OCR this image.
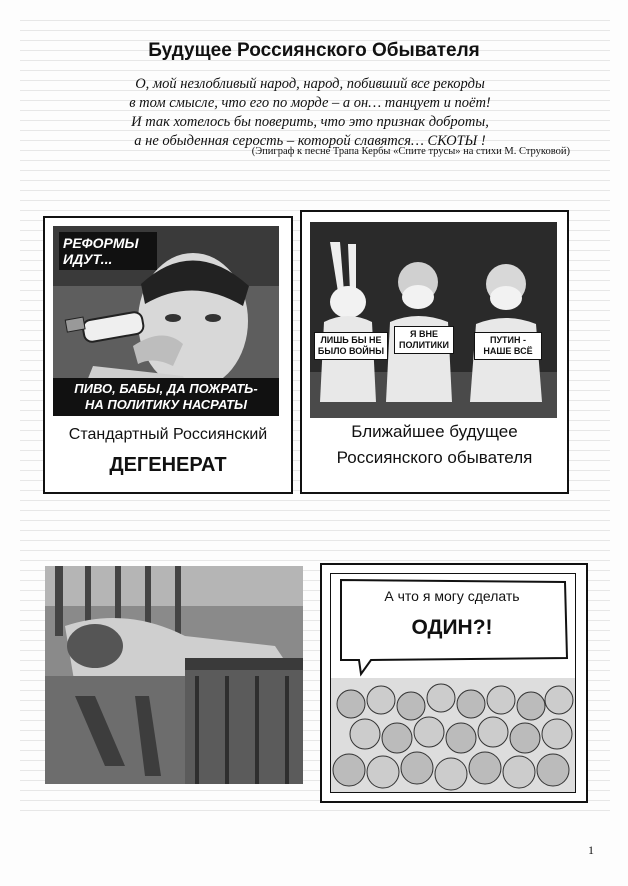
Будущее Россиянского Обывателя
О, мой незлобливый народ, народ, побивший все рекорды
в том смысле, что его по морде – а он… танцует и поёт!
И так хотелось бы поверить, что это признак доброты,
а не обыденная серость – которой славятся… СКОТЫ !
(Эпиграф к песне Трапа Кербы «Спите трусы» на стихи М. Струковой)
РЕФОРМЫ ИДУТ...
ПИВО, БАБЫ, ДА ПОЖРАТЬ-
НА ПОЛИТИКУ НАСРАТЫ
Стандартный Россиянский
ДЕГЕНЕРАТ
ЛИШЬ БЫ НЕ БЫЛО ВОЙНЫ
Я ВНЕ ПОЛИТИКИ	ПУТИН - НАШЕ ВСЁ
Ближайшее будущее
Россиянского обывателя
А что я могу сделать
ОДИН?!
1
